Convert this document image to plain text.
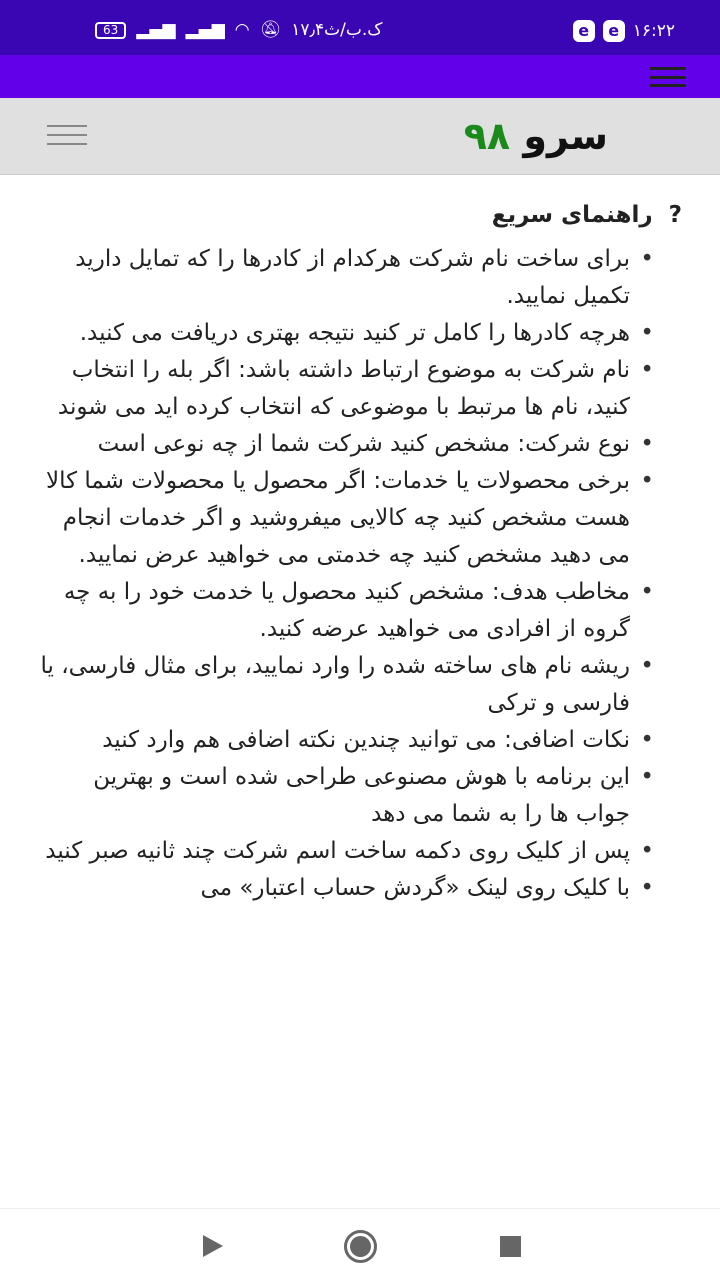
63	▂▄▆ ▂▄▆ ◠ 🔕︎ ۱۷٫۴ک.ب/ث	e	e ۱۶:۲۲
سرو ۹۸
?  راهنمای سریع
• برای ساخت نام شرکت هرکدام از کادرها را که تمایل دارید تکمیل نمایید.
• هرچه کادرها را کامل تر کنید نتیجه بهتری دریافت می کنید.
• نام شرکت به موضوع ارتباط داشته باشد: اگر بله را انتخاب کنید، نام ها مرتبط با موضوعی که انتخاب کرده اید می شوند
• نوع شرکت: مشخص کنید شرکت شما از چه نوعی است
• برخی محصولات یا خدمات: اگر محصول یا محصولات شما کالا هست مشخص کنید چه کالایی میفروشید و اگر خدمات انجام می دهید مشخص کنید چه خدمتی می خواهید عرض نمایید.
• مخاطب هدف: مشخص کنید محصول یا خدمت خود را به چه گروه از افرادی می خواهید عرضه کنید.
• ریشه نام های ساخته شده را وارد نمایید، برای مثال فارسی، یا فارسی و ترکی
• نکات اضافی: می توانید چندین نکته اضافی هم وارد کنید
• این برنامه با هوش مصنوعی طراحی شده است و بهترین جواب ها را به شما می دهد
• پس از کلیک روی دکمه ساخت اسم شرکت چند ثانیه صبر کنید
• با کلیک روی لینک «گردش حساب اعتبار» می
